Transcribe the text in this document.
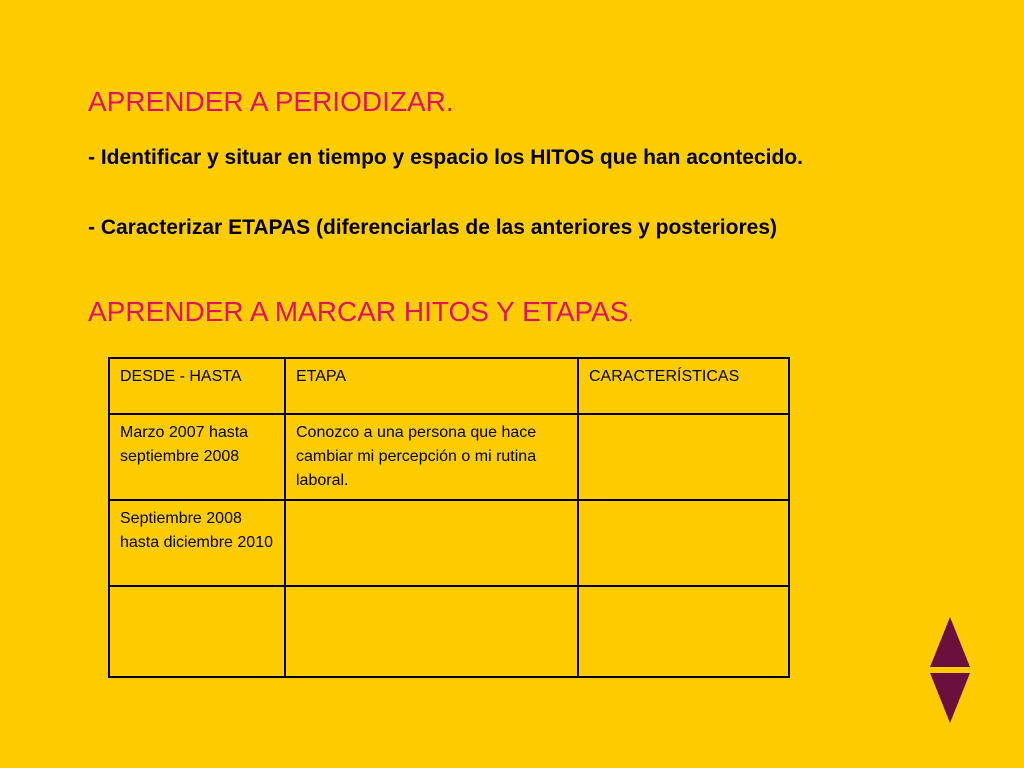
APRENDER A PERIODIZAR.

- Identificar y situar en tiempo y espacio los HITOS que han acontecido.

- Caracterizar ETAPAS (diferenciarlas de las anteriores y posteriores)

APRENDER A MARCAR HITOS Y ETAPAS.
DESDE - HASTA	ETAPA	CARACTERÍSTICAS
Marzo 2007 hasta septiembre 2008	Conozco a una persona que hace cambiar mi percepción o mi rutina laboral.	
Septiembre 2008 hasta diciembre 2010		
